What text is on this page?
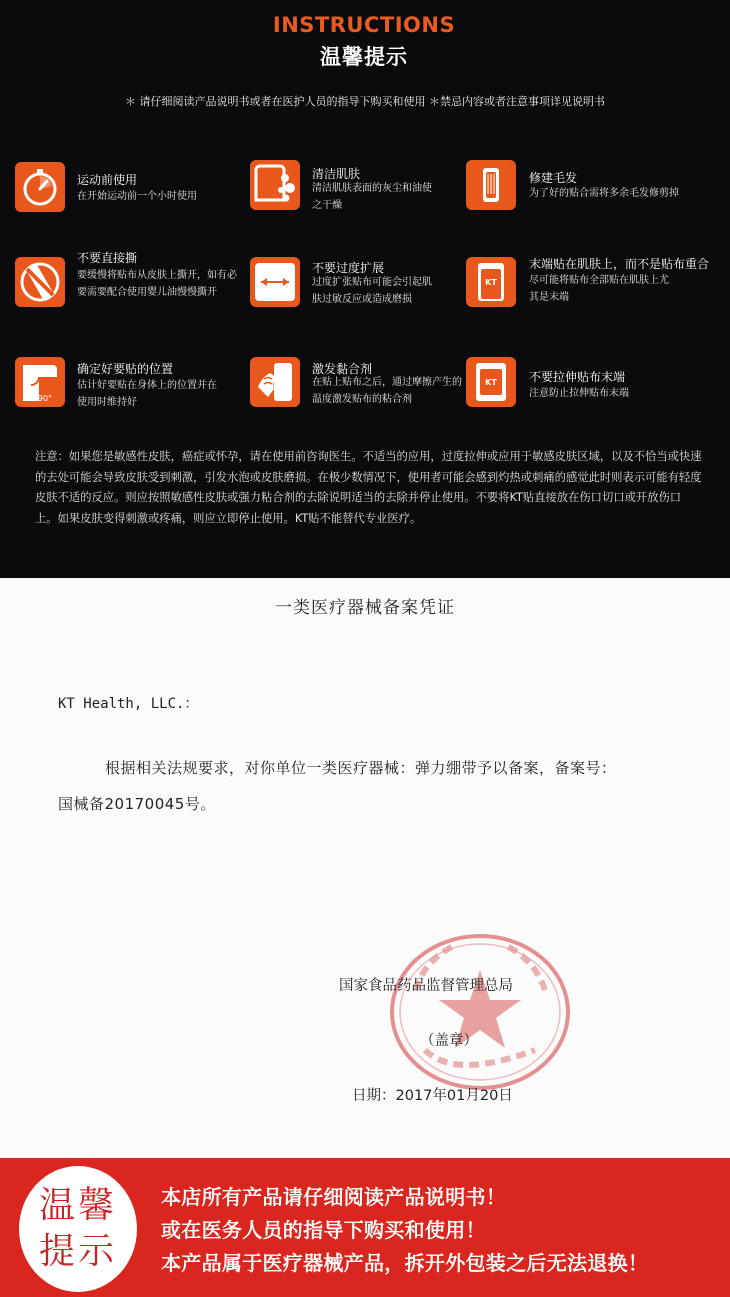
INSTRUCTIONS
温馨提示
＊ 请仔细阅读产品说明书或者在医护人员的指导下购买和使用 ＊禁忌内容或者注意事项详见说明书
运动前使用
在开始运动前一个小时使用
清洁肌肤
清洁肌肤表面的灰尘和油使之干燥
修建毛发
为了好的贴合需将多余毛发修剪掉
不要直接撕
要缓慢将贴布从皮肤上撕开，如有必要需要配合使用婴儿油慢慢撕开
不要过度扩展
过度扩张贴布可能会引起肌肤过敏反应或造成磨损
KT
末端贴在肌肤上，而不是贴布重合
尽可能将贴布全部贴在肌肤上尤其是末端
90°
确定好要贴的位置
估计好要贴在身体上的位置并在使用时维持好
激发黏合剂
在贴上贴布之后，通过摩擦产生的温度激发贴布的粘合剂
KT	不要拉伸贴布末端
注意防止拉伸贴布末端
注意：如果您是敏感性皮肤，癌症或怀孕，请在使用前咨询医生。不适当的应用，过度拉伸或应用于敏感皮肤区域，以及不恰当或快速的去处可能会导致皮肤受到刺激，引发水泡或皮肤磨损。在极少数情况下，使用者可能会感到灼热或刺痛的感觉此时则表示可能有轻度皮肤不适的反应。则应按照敏感性皮肤或强力粘合剂的去除说明适当的去除并停止使用。不要将KT贴直接放在伤口切口或开放伤口上。如果皮肤变得刺激或疼痛，则应立即停止使用。KT贴不能替代专业医疗。
一类医疗器械备案凭证
KT Health, LLC.：
根据相关法规要求，对你单位一类医疗器械：弹力绷带予以备案，备案号：国械备20170045号。
国家食品药品监督管理总局
（盖章）
日期：2017年01月20日
温馨
提示
本店所有产品请仔细阅读产品说明书！
或在医务人员的指导下购买和使用！
本产品属于医疗器械产品，拆开外包装之后无法退换！
